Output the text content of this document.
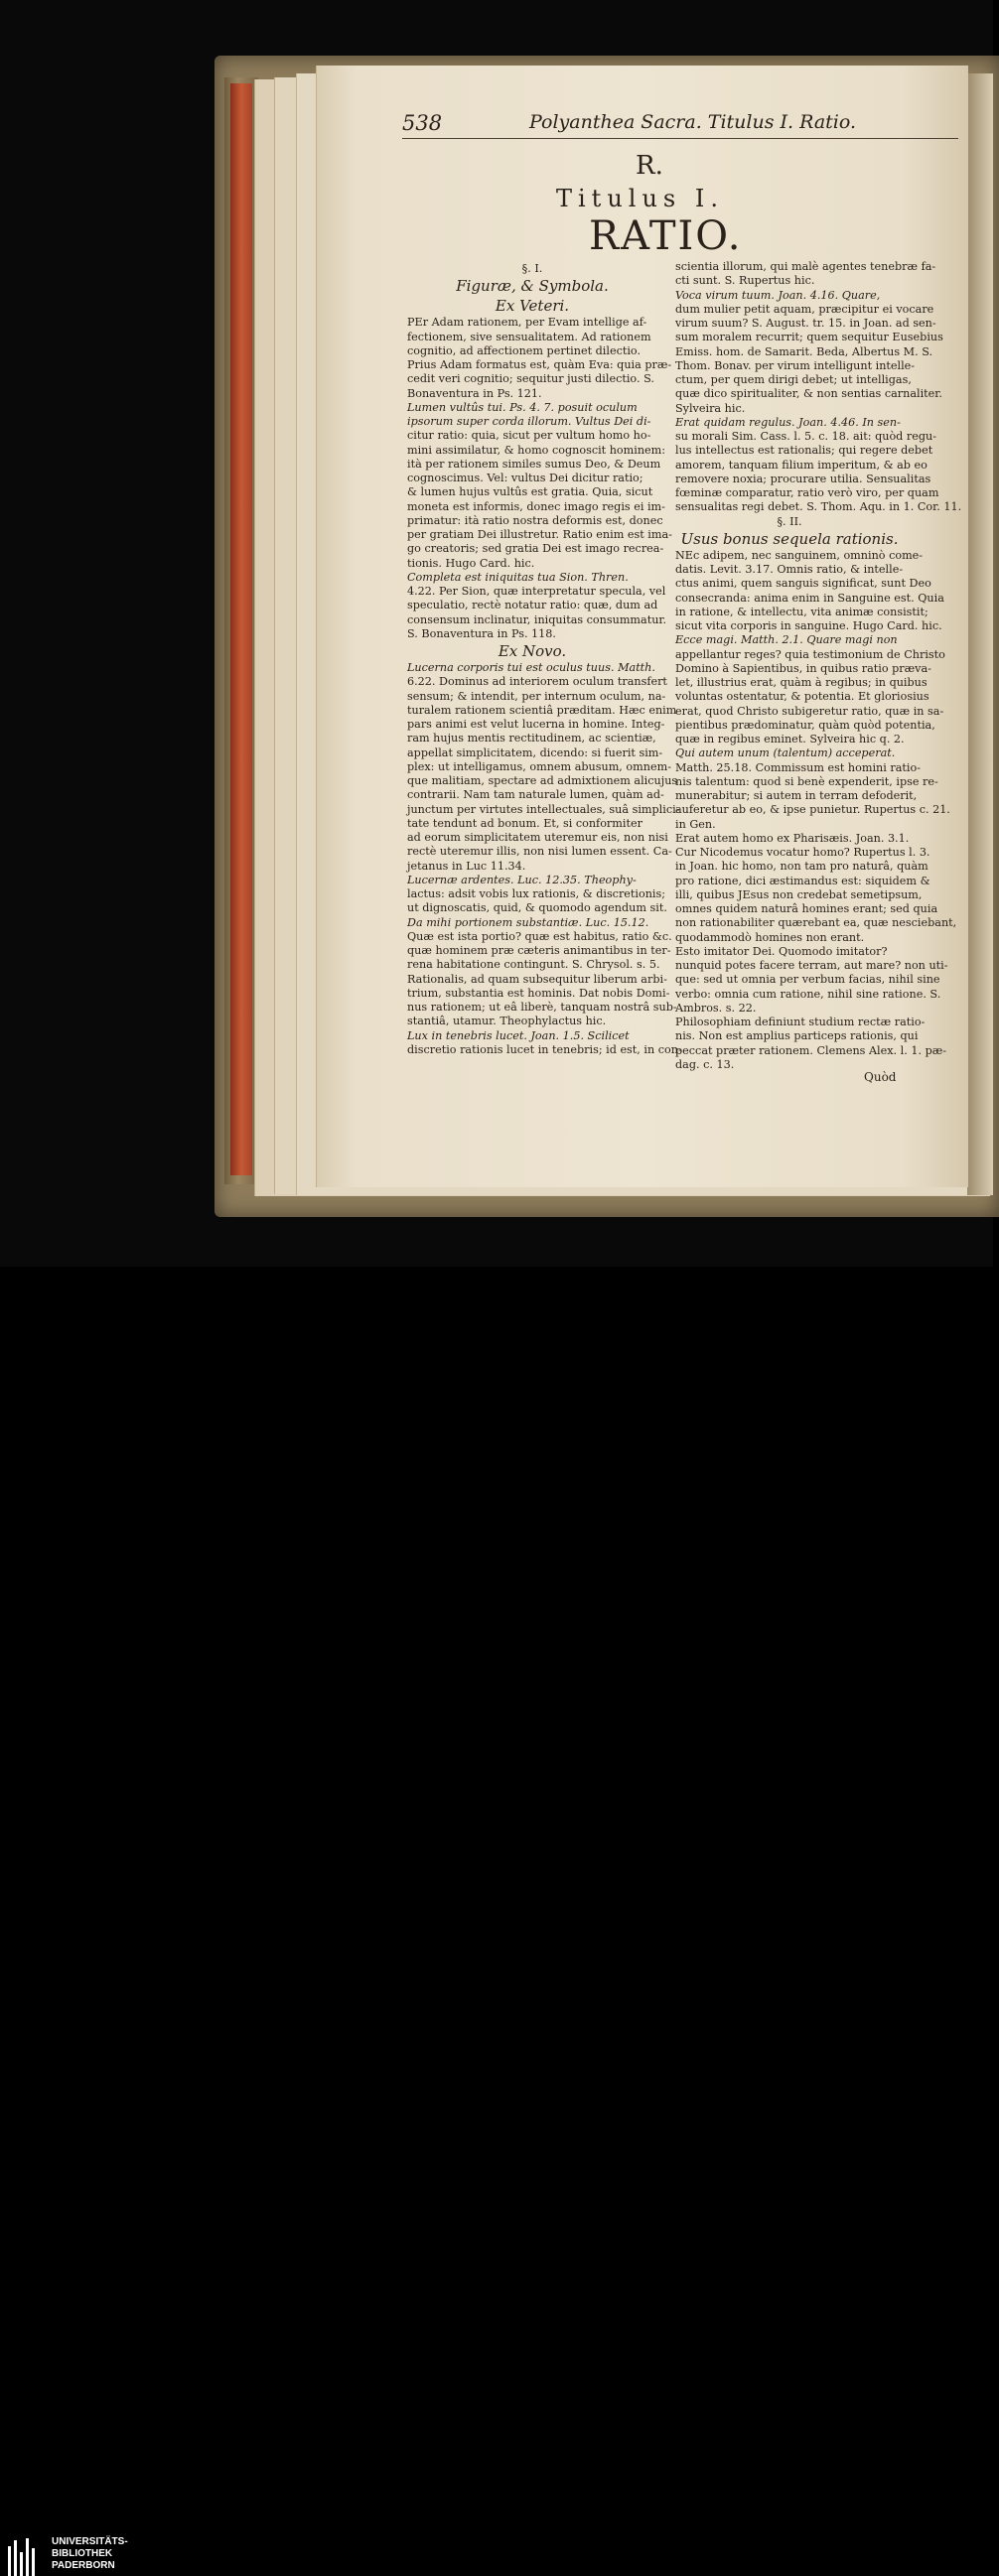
538	Polyanthea Sacra. Titulus I. Ratio.
R.
Titulus I.
RATIO.
§. I.
Figuræ, & Symbola.
Ex Veteri.
PEr Adam rationem, per Evam intellige af-
fectionem, sive sensualitatem. Ad rationem
cognitio, ad affectionem pertinet dilectio.
Prius Adam formatus est, quàm Eva: quia præ-
cedit veri cognitio; sequitur justi dilectio. S.
Bonaventura in Ps. 121.
Lumen vultûs tui. Ps. 4. 7. posuit oculum
ipsorum super corda illorum. Vultus Dei di-
citur ratio: quia, sicut per vultum homo ho-
mini assimilatur, & homo cognoscit hominem:
ità per rationem similes sumus Deo, & Deum
cognoscimus. Vel: vultus Dei dicitur ratio;
& lumen hujus vultûs est gratia. Quia, sicut
moneta est informis, donec imago regis ei im-
primatur: ità ratio nostra deformis est, donec
per gratiam Dei illustretur. Ratio enim est ima-
go creatoris; sed gratia Dei est imago recrea-
tionis. Hugo Card. hic.
Completa est iniquitas tua Sion. Thren.
4.22. Per Sion, quæ interpretatur specula, vel
speculatio, rectè notatur ratio: quæ, dum ad
consensum inclinatur, iniquitas consummatur.
S. Bonaventura in Ps. 118.
Ex Novo.
Lucerna corporis tui est oculus tuus. Matth.
6.22. Dominus ad interiorem oculum transfert
sensum; & intendit, per internum oculum, na-
turalem rationem scientiâ præditam. Hæc enim
pars animi est velut lucerna in homine. Integ-
ram hujus mentis rectitudinem, ac scientiæ,
appellat simplicitatem, dicendo: si fuerit sim-
plex: ut intelligamus, omnem abusum, omnem-
que malitiam, spectare ad admixtionem alicujus
contrarii. Nam tam naturale lumen, quàm ad-
junctum per virtutes intellectuales, suâ simplici-
tate tendunt ad bonum. Et, si conformiter
ad eorum simplicitatem uteremur eis, non nisi
rectè uteremur illis, non nisi lumen essent. Ca-
jetanus in Luc 11.34.
Lucernæ ardentes. Luc. 12.35. Theophy-
lactus: adsit vobis lux rationis, & discretionis;
ut dignoscatis, quid, & quomodo agendum sit.
Da mihi portionem substantiæ. Luc. 15.12.
Quæ est ista portio? quæ est habitus, ratio &c.
quæ hominem præ cæteris animantibus in ter-
rena habitatione contingunt. S. Chrysol. s. 5.
Rationalis, ad quam subsequitur liberum arbi-
trium, substantia est hominis. Dat nobis Domi-
nus rationem; ut eâ liberè, tanquam nostrâ sub-
stantiâ, utamur. Theophylactus hic.
Lux in tenebris lucet. Joan. 1.5. Scilicet
discretio rationis lucet in tenebris; id est, in con-
scientia illorum, qui malè agentes tenebræ fa-
cti sunt. S. Rupertus hic.
Voca virum tuum. Joan. 4.16. Quare,
dum mulier petit aquam, præcipitur ei vocare
virum suum? S. August. tr. 15. in Joan. ad sen-
sum moralem recurrit; quem sequitur Eusebius
Emiss. hom. de Samarit. Beda, Albertus M. S.
Thom. Bonav. per virum intelligunt intelle-
ctum, per quem dirigi debet; ut intelligas,
quæ dico spiritualiter, & non sentias carnaliter.
Sylveira hic.
Erat quidam regulus. Joan. 4.46. In sen-
su morali Sim. Cass. l. 5. c. 18. ait: quòd regu-
lus intellectus est rationalis; qui regere debet
amorem, tanquam filium imperitum, & ab eo
removere noxia; procurare utilia. Sensualitas
fœminæ comparatur, ratio verò viro, per quam
sensualitas regi debet. S. Thom. Aqu. in 1. Cor. 11.
§. II.
Usus bonus sequela rationis.
NEc adipem, nec sanguinem, omninò come-
datis. Levit. 3.17. Omnis ratio, & intelle-
ctus animi, quem sanguis significat, sunt Deo
consecranda: anima enim in Sanguine est. Quia
in ratione, & intellectu, vita animæ consistit;
sicut vita corporis in sanguine. Hugo Card. hic.
Ecce magi. Matth. 2.1. Quare magi non
appellantur reges? quia testimonium de Christo
Domino à Sapientibus, in quibus ratio præva-
let, illustrius erat, quàm à regibus; in quibus
voluntas ostentatur, & potentia. Et gloriosius
erat, quod Christo subigeretur ratio, quæ in sa-
pientibus prædominatur, quàm quòd potentia,
quæ in regibus eminet. Sylveira hic q. 2.
Qui autem unum (talentum) acceperat.
Matth. 25.18. Commissum est homini ratio-
nis talentum: quod si benè expenderit, ipse re-
munerabitur; si autem in terram defoderit,
auferetur ab eo, & ipse punietur. Rupertus c. 21.
in Gen.
Erat autem homo ex Pharisæis. Joan. 3.1.
Cur Nicodemus vocatur homo? Rupertus l. 3.
in Joan. hic homo, non tam pro naturâ, quàm
pro ratione, dici æstimandus est: siquidem &
illi, quibus JEsus non credebat semetipsum,
omnes quidem naturâ homines erant; sed quia
non rationabiliter quærebant ea, quæ nesciebant,
quodammodò homines non erant.
Esto imitator Dei. Quomodo imitator?
nunquid potes facere terram, aut mare? non uti-
que: sed ut omnia per verbum facias, nihil sine
verbo: omnia cum ratione, nihil sine ratione. S.
Ambros. s. 22.
Philosophiam definiunt studium rectæ ratio-
nis. Non est amplius particeps rationis, qui
peccat præter rationem. Clemens Alex. l. 1. pæ-
dag. c. 13.
Quòd
UNIVERSITÄTS-
BIBLIOTHEK
PADERBORN
